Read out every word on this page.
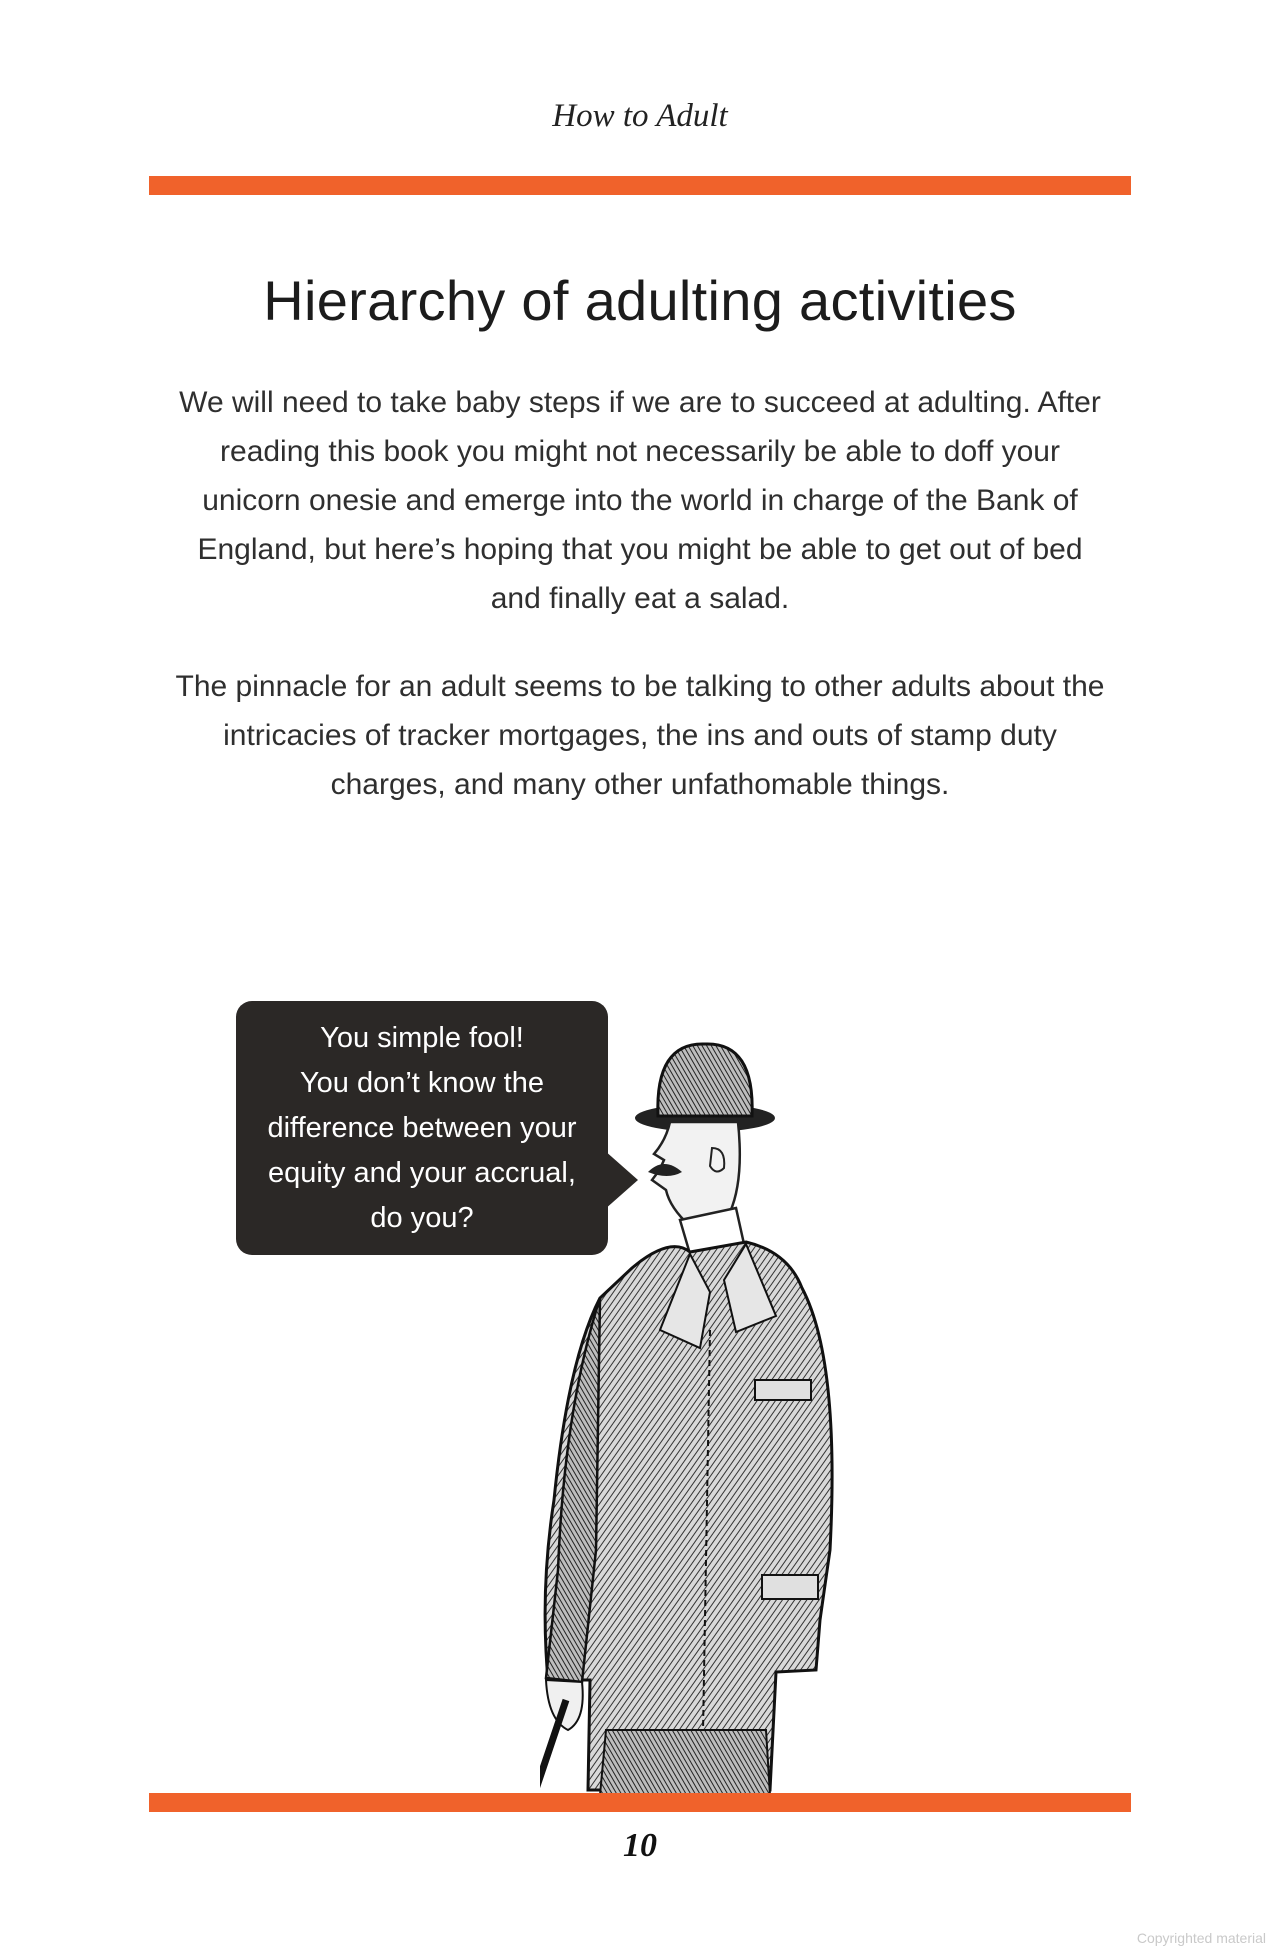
How to Adult
Hierarchy of adulting activities

We will need to take baby steps if we are to succeed at adulting. After reading this book you might not necessarily be able to doff your unicorn onesie and emerge into the world in charge of the Bank of England, but here’s hoping that you might be able to get out of bed and finally eat a salad.

The pinnacle for an adult seems to be talking to other adults about the intricacies of tracker mortgages, the ins and outs of stamp duty charges, and many other unfathomable things.

You simple fool!
You don’t know the
difference between your
equity and your accrual,
do you?
10
Copyrighted material
